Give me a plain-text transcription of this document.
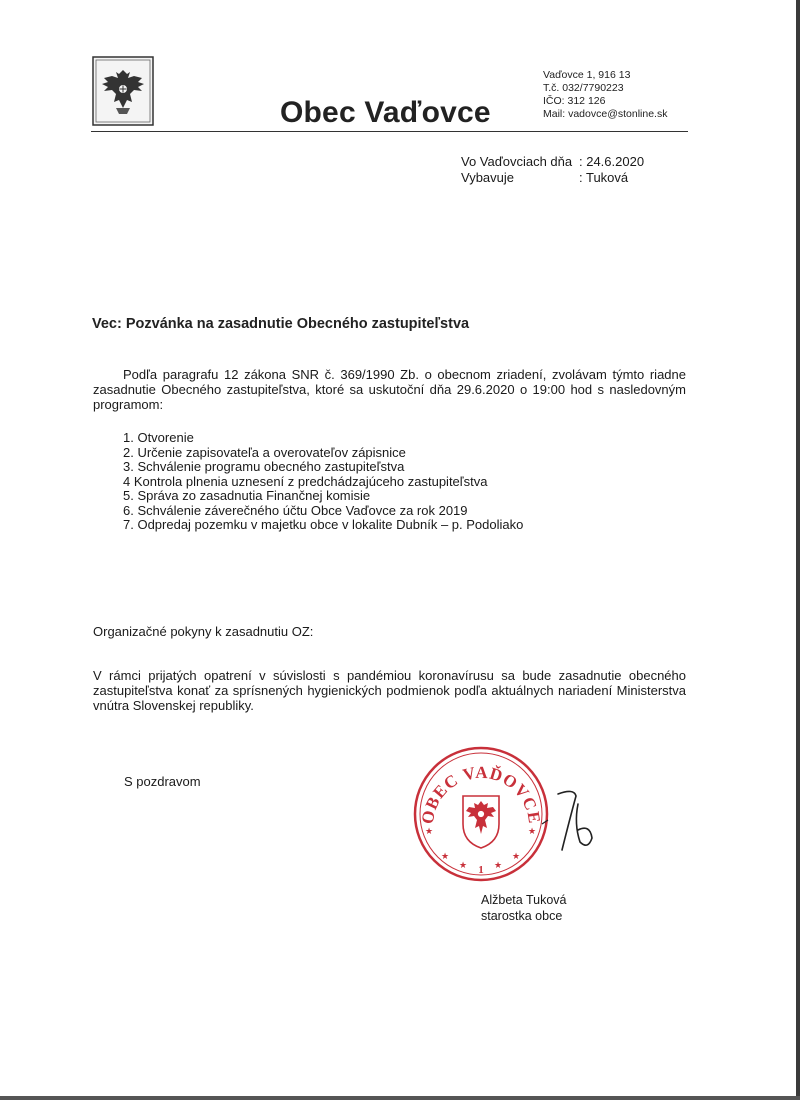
Obec Vaďovce
Vaďovce 1, 916 13
T.č. 032/7790223
IČO: 312 126
Mail: vadovce@stonline.sk
Vo Vaďovciach dňa : 24.6.2020
Vybavuje	: Tuková
Vec: Pozvánka na zasadnutie Obecného zastupiteľstva
Podľa paragrafu 12 zákona SNR č. 369/1990 Zb. o obecnom zriadení, zvolávam týmto riadne zasadnutie Obecného zastupiteľstva, ktoré sa uskutoční dňa 29.6.2020 o 19:00 hod s nasledovným programom:
1. Otvorenie
2. Určenie zapisovateľa a overovateľov zápisnice
3. Schválenie programu obecného zastupiteľstva
4 Kontrola plnenia uznesení z predchádzajúceho zastupiteľstva
5. Správa zo zasadnutia Finančnej komisie
6. Schválenie záverečného účtu Obce Vaďovce za rok 2019
7. Odpredaj pozemku v majetku obce v lokalite Dubník – p. Podoliako
Organizačné pokyny k zasadnutiu OZ:
V rámci prijatých opatrení v súvislosti s pandémiou koronavírusu sa bude zasadnutie obecného zastupiteľstva konať za sprísnených hygienických podmienok podľa aktuálnych nariadení Ministerstva vnútra Slovenskej republiky.
S pozdravom
OBEC VAĎOVCE
★	★
★	★
★	★
1
Alžbeta Tuková
starostka obce
